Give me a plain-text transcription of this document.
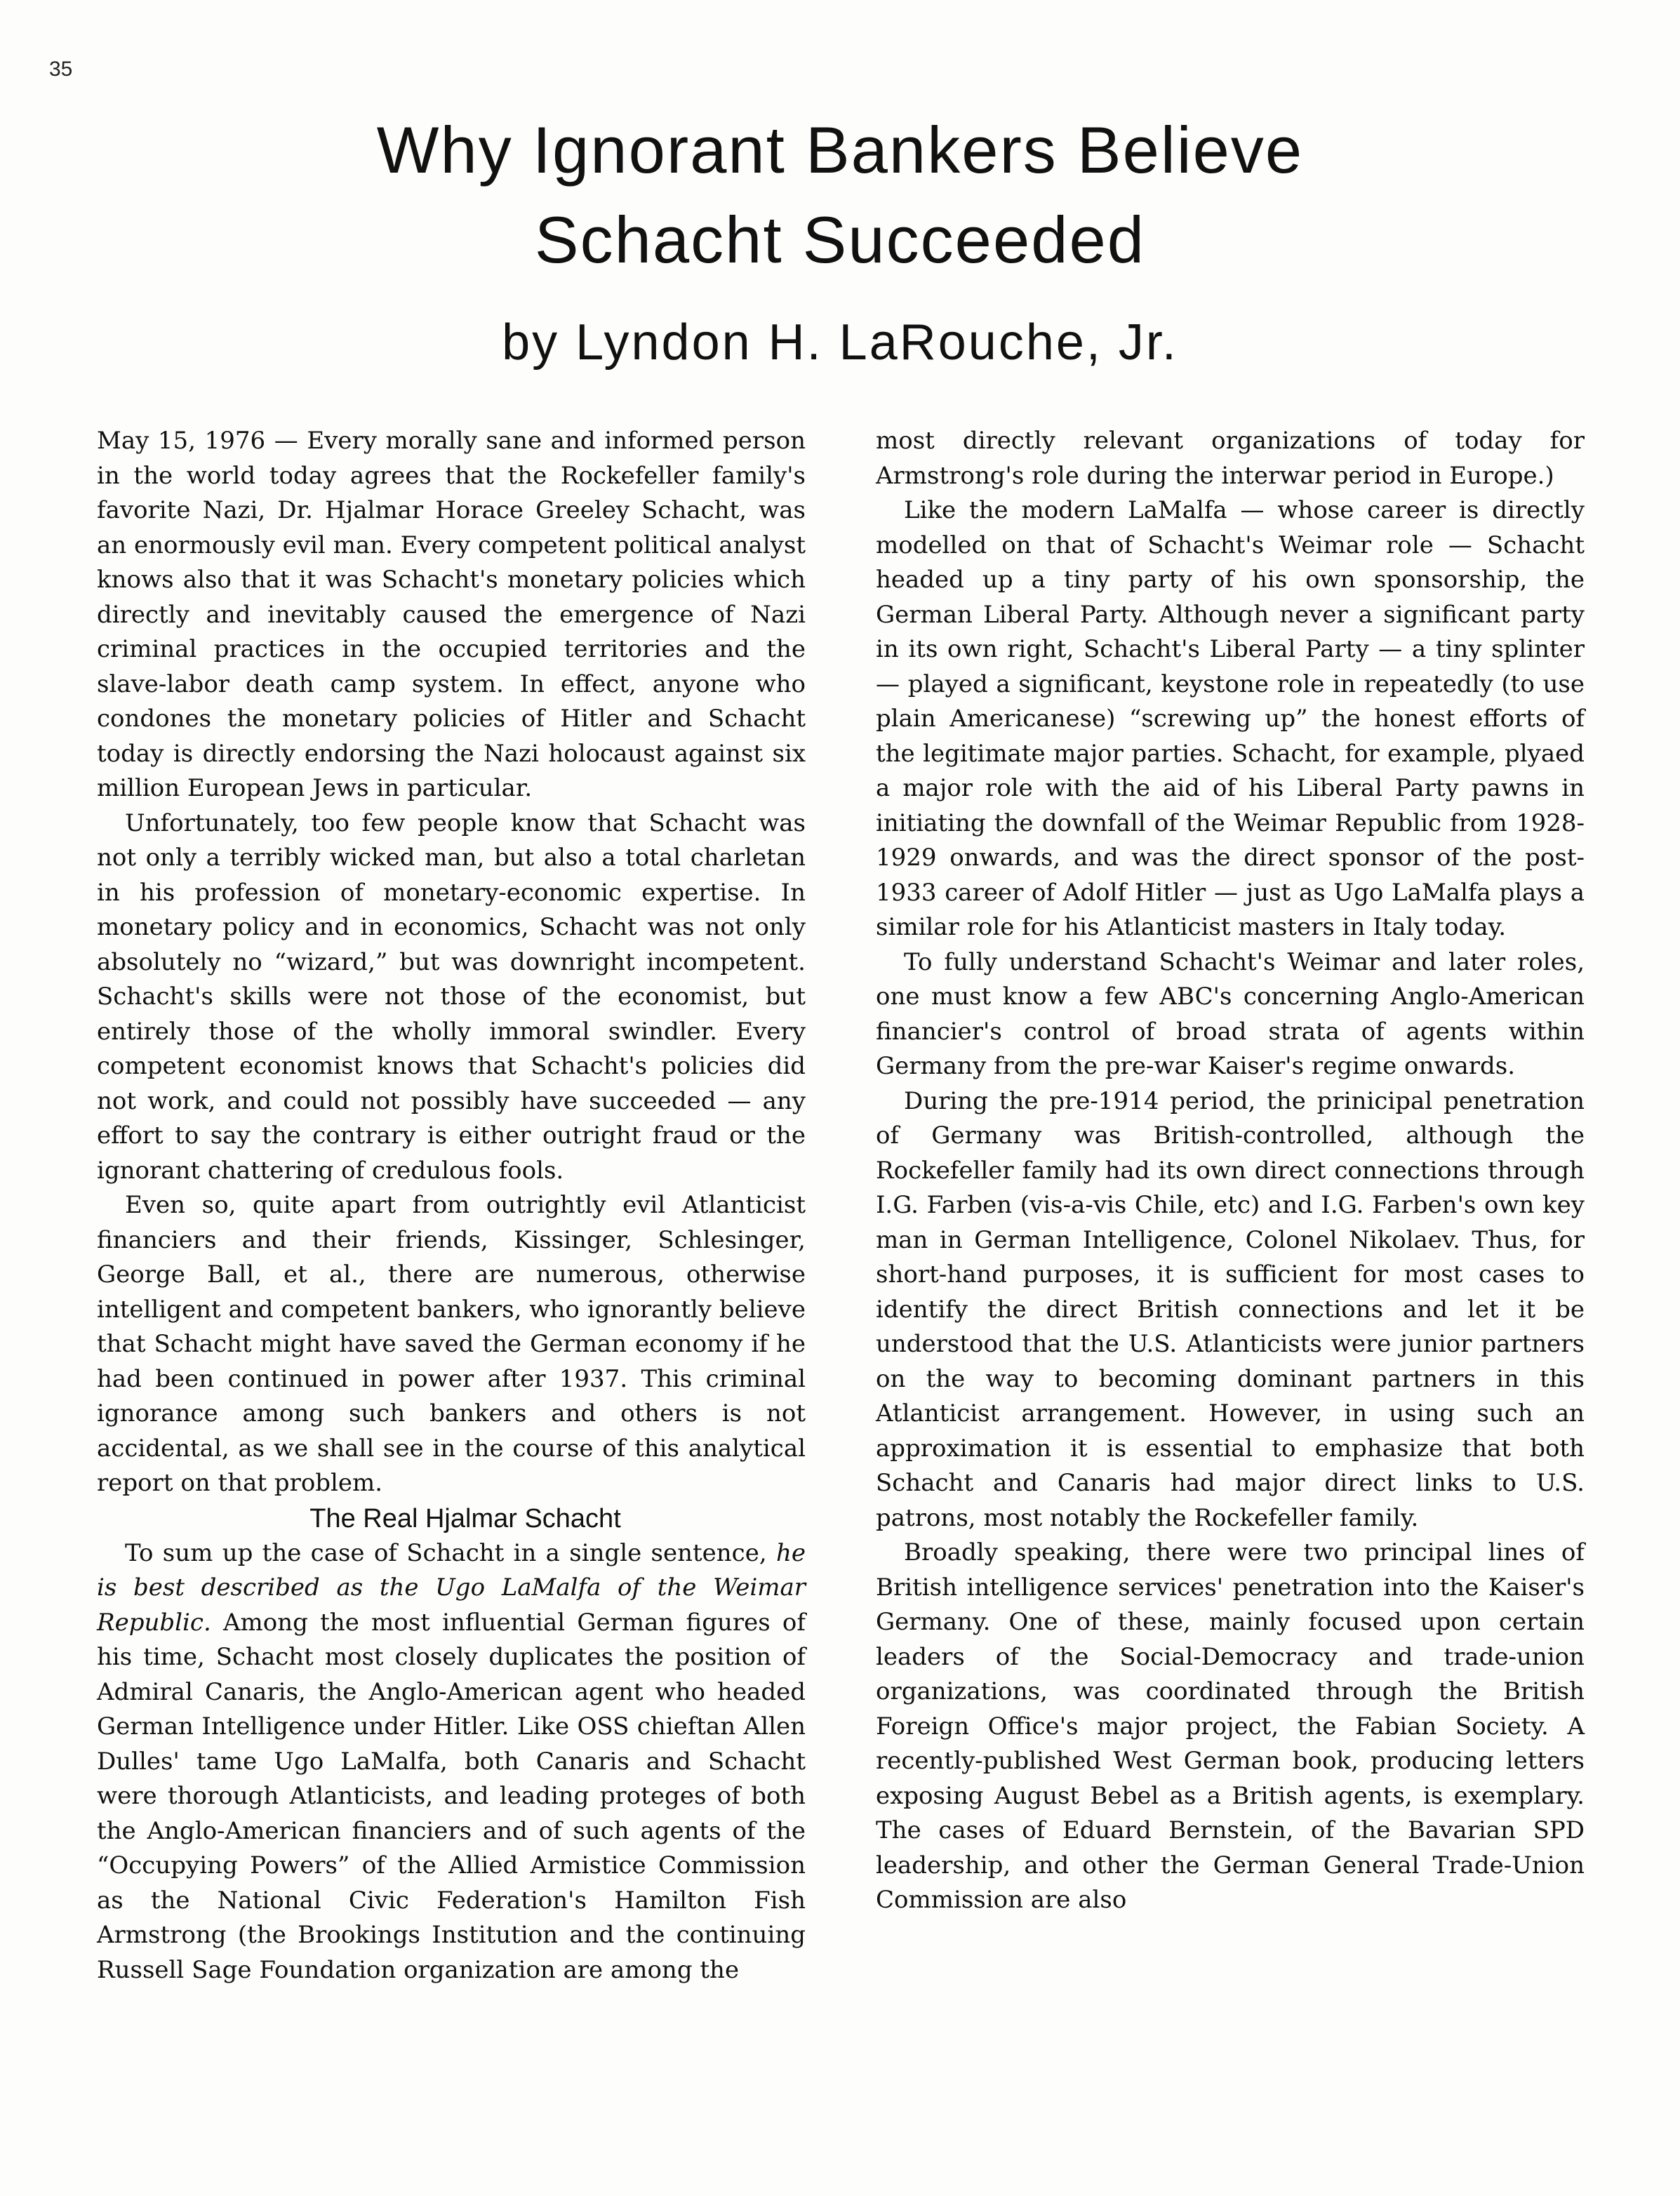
35
Why Ignorant Bankers Believe
Schacht Succeeded
by Lyndon H. LaRouche, Jr.

May 15, 1976 — Every morally sane and informed person in the world today agrees that the Rockefeller family's favorite Nazi, Dr. Hjalmar Horace Greeley Schacht, was an enormously evil man. Every competent political analyst knows also that it was Schacht's monetary policies which directly and inevitably caused the emergence of Nazi criminal practices in the occupied territories and the slave-labor death camp system. In effect, anyone who condones the monetary policies of Hitler and Schacht today is directly endorsing the Nazi holocaust against six million European Jews in particular.

Unfortunately, too few people know that Schacht was not only a terribly wicked man, but also a total charletan in his profession of monetary-economic expertise. In monetary policy and in economics, Schacht was not only absolutely no “wizard,” but was downright incompetent. Schacht's skills were not those of the economist, but entirely those of the wholly immoral swindler. Every competent economist knows that Schacht's policies did not work, and could not possibly have succeeded — any effort to say the contrary is either outright fraud or the ignorant chattering of credulous fools.

Even so, quite apart from outrightly evil Atlanticist financiers and their friends, Kissinger, Schlesinger, George Ball, et al., there are numerous, otherwise intelligent and competent bankers, who ignorantly believe that Schacht might have saved the German economy if he had been continued in power after 1937. This criminal ignorance among such bankers and others is not accidental, as we shall see in the course of this analytical report on that problem.

The Real Hjalmar Schacht

To sum up the case of Schacht in a single sentence, he is best described as the Ugo LaMalfa of the Weimar Republic. Among the most influential German figures of his time, Schacht most closely duplicates the position of Admiral Canaris, the Anglo-American agent who headed German Intelligence under Hitler. Like OSS chieftan Allen Dulles' tame Ugo LaMalfa, both Canaris and Schacht were thorough Atlanticists, and leading proteges of both the Anglo-American financiers and of such agents of the “Occupying Powers” of the Allied Armistice Commission as the National Civic Federation's Hamilton Fish Armstrong (the Brookings Institution and the continuing Russell Sage Foundation organization are among the

most directly relevant organizations of today for Armstrong's role during the interwar period in Europe.)

Like the modern LaMalfa — whose career is directly modelled on that of Schacht's Weimar role — Schacht headed up a tiny party of his own sponsorship, the German Liberal Party. Although never a significant party in its own right, Schacht's Liberal Party — a tiny splinter — played a significant, keystone role in repeatedly (to use plain Americanese) “screwing up” the honest efforts of the legitimate major parties. Schacht, for example, plyaed a major role with the aid of his Liberal Party pawns in initiating the downfall of the Weimar Republic from 1928-1929 onwards, and was the direct sponsor of the post-1933 career of Adolf Hitler — just as Ugo LaMalfa plays a similar role for his Atlanticist masters in Italy today.

To fully understand Schacht's Weimar and later roles, one must know a few ABC's concerning Anglo-American financier's control of broad strata of agents within Germany from the pre-war Kaiser's regime onwards.

During the pre-1914 period, the prinicipal penetration of Germany was British-controlled, although the Rockefeller family had its own direct connections through I.G. Farben (vis-a-vis Chile, etc) and I.G. Farben's own key man in German Intelligence, Colonel Nikolaev. Thus, for short-hand purposes, it is sufficient for most cases to identify the direct British connections and let it be understood that the U.S. Atlanticists were junior partners on the way to becoming dominant partners in this Atlanticist arrangement. However, in using such an approximation it is essential to emphasize that both Schacht and Canaris had major direct links to U.S. patrons, most notably the Rockefeller family.

Broadly speaking, there were two principal lines of British intelligence services' penetration into the Kaiser's Germany. One of these, mainly focused upon certain leaders of the Social-Democracy and trade-union organizations, was coordinated through the British Foreign Office's major project, the Fabian Society. A recently-published West German book, producing letters exposing August Bebel as a British agents, is exemplary. The cases of Eduard Bernstein, of the Bavarian SPD leadership, and other the German General Trade-Union Commission are also
